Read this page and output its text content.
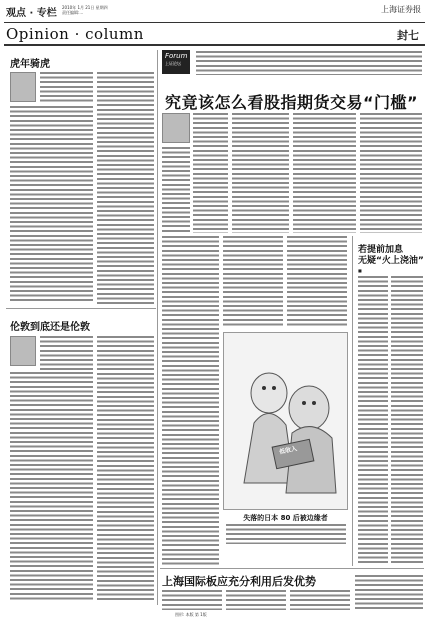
观点 · 专栏
2010年 1月 21日 星期四
责任编辑:…	上海证券报
Opinion · column	封七
虎年骑虎
伦敦到底还是伦敦
Forum
上证论坛
究竟该怎么看股指期货交易“门槛”
若提前加息
无疑“火上浇油”
■
低收入
失落的日本 80 后被边缘者
上海国际板应充分利用后发优势
图形: 本版 第 1版
